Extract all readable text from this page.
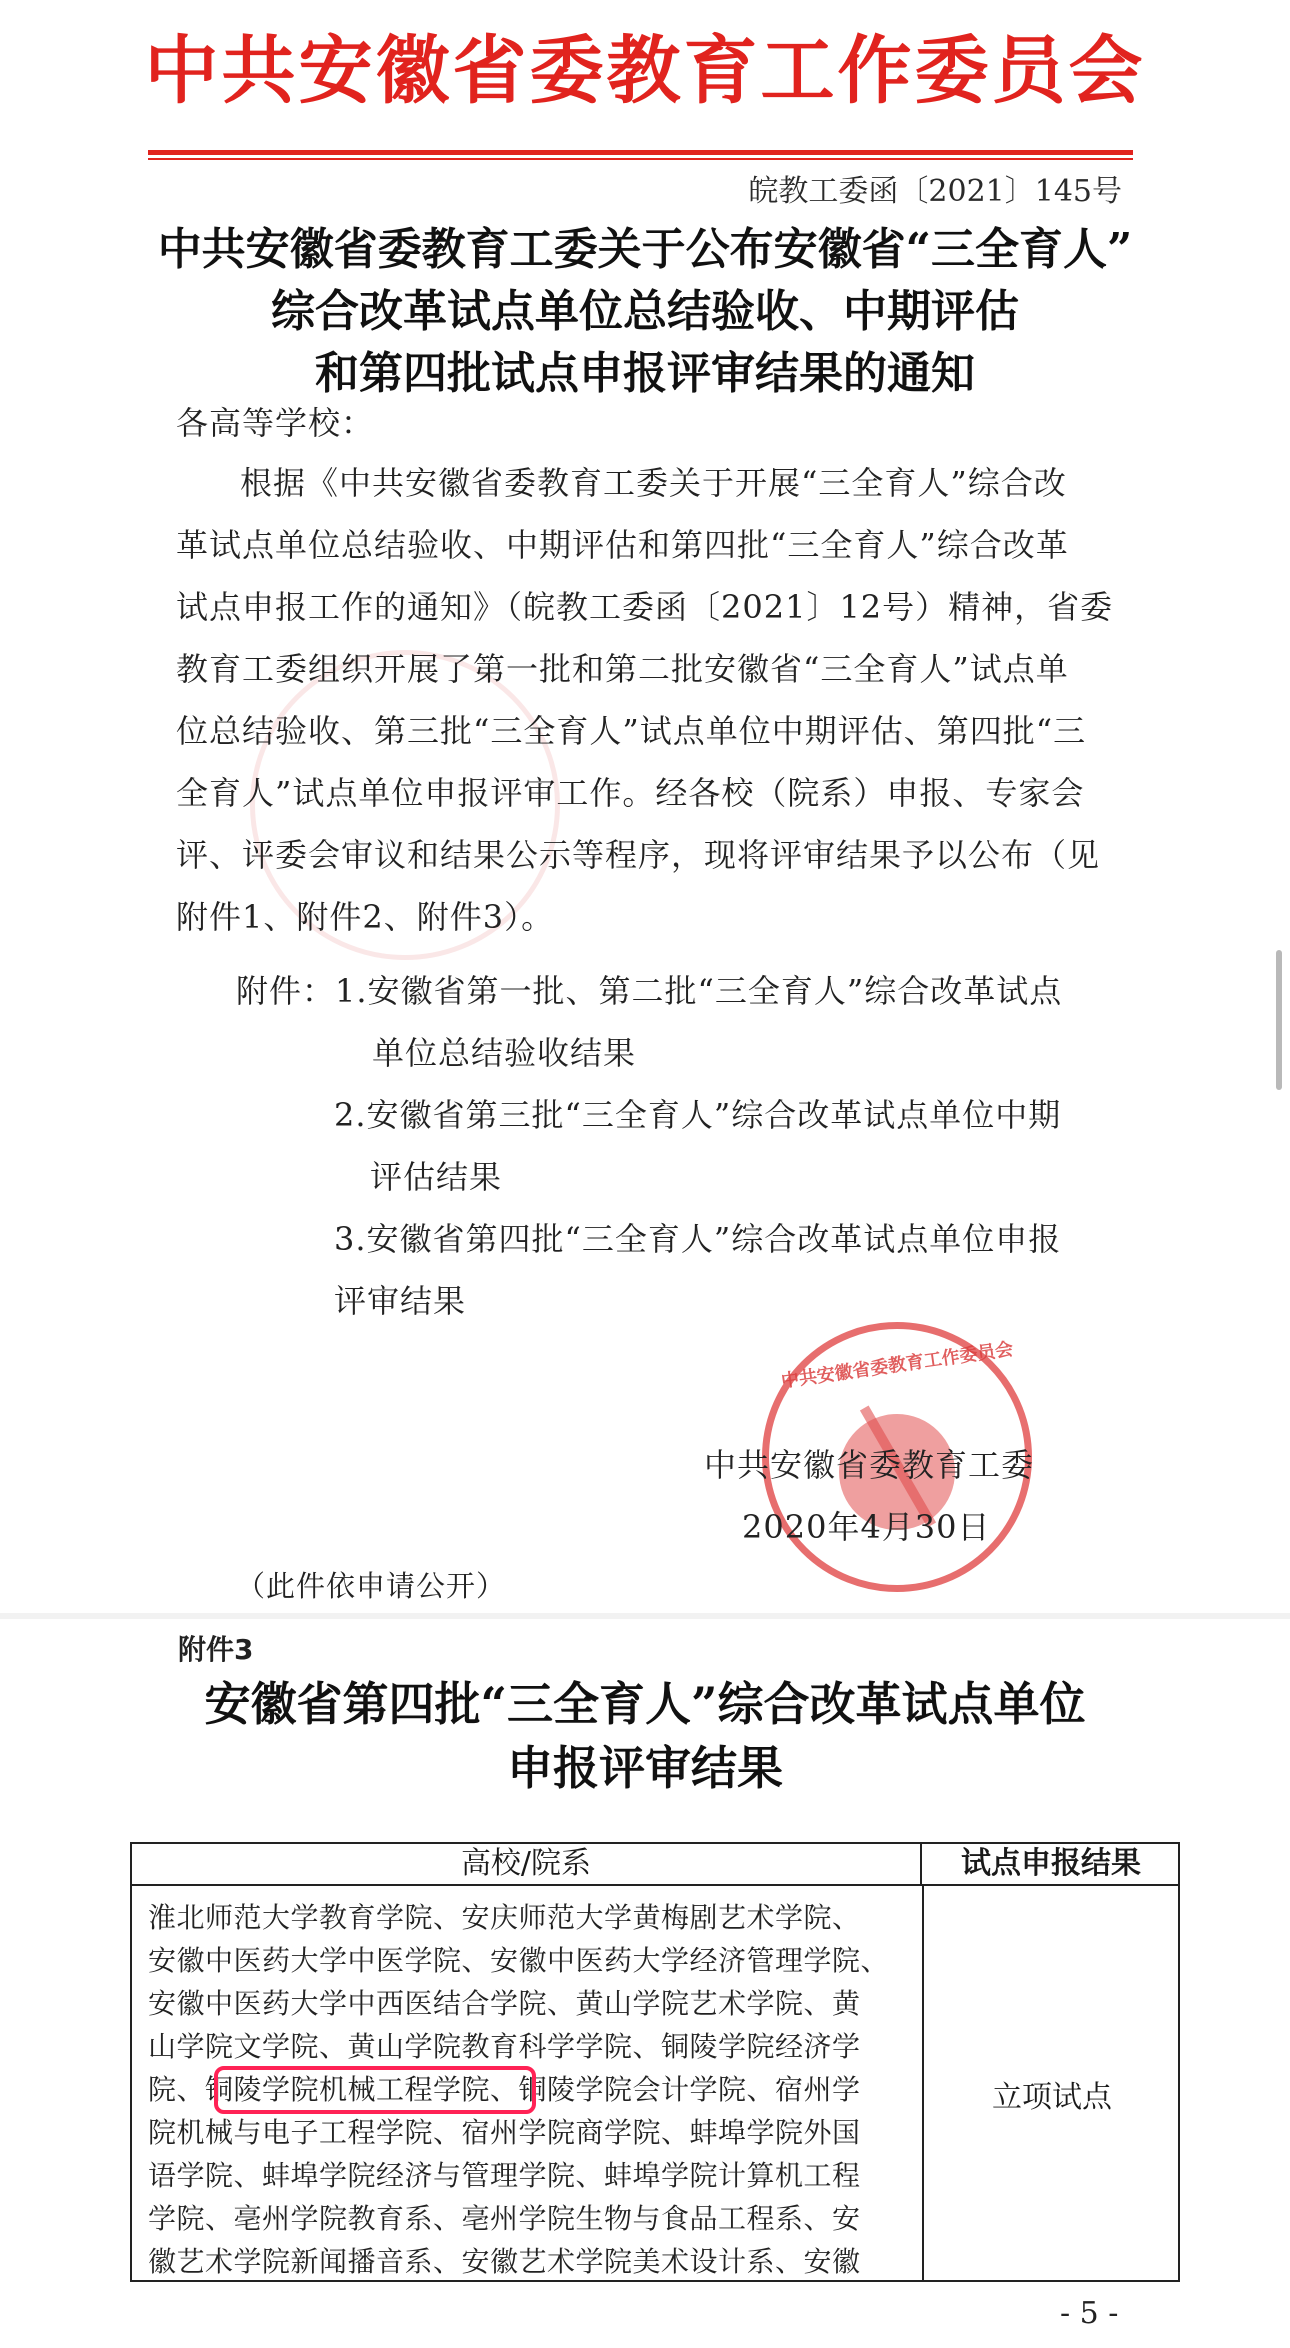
中共安徽省委教育工作委员会
皖教工委函〔2021〕145号
中共安徽省委教育工委关于公布安徽省“三全育人”
综合改革试点单位总结验收、中期评估
和第四批试点申报评审结果的通知
各高等学校：
根据《中共安徽省委教育工委关于开展“三全育人”综合改
革试点单位总结验收、中期评估和第四批“三全育人”综合改革
试点申报工作的通知》（皖教工委函〔2021〕12号）精神，省委
教育工委组织开展了第一批和第二批安徽省“三全育人”试点单
位总结验收、第三批“三全育人”试点单位中期评估、第四批“三
全育人”试点单位申报评审工作。经各校（院系）申报、专家会
评、评委会审议和结果公示等程序，现将评审结果予以公布（见
附件1、附件2、附件3）。
附件：1.安徽省第一批、第二批“三全育人”综合改革试点
单位总结验收结果
2.安徽省第三批“三全育人”综合改革试点单位中期
评估结果
3.安徽省第四批“三全育人”综合改革试点单位申报
评审结果
中共安徽省委教育工作委员会
中共安徽省委教育工委
2020年4月30日
（此件依申请公开）
附件3
安徽省第四批“三全育人”综合改革试点单位
申报评审结果
高校/院系	试点申报结果
淮北师范大学教育学院、安庆师范大学黄梅剧艺术学院、
安徽中医药大学中医学院、安徽中医药大学经济管理学院、
安徽中医药大学中西医结合学院、黄山学院艺术学院、黄
山学院文学院、黄山学院教育科学学院、铜陵学院经济学
院、铜陵学院机械工程学院、铜陵学院会计学院、宿州学
院机械与电子工程学院、宿州学院商学院、蚌埠学院外国
语学院、蚌埠学院经济与管理学院、蚌埠学院计算机工程
学院、亳州学院教育系、亳州学院生物与食品工程系、安
徽艺术学院新闻播音系、安徽艺术学院美术设计系、安徽
立项试点
- 5 -
